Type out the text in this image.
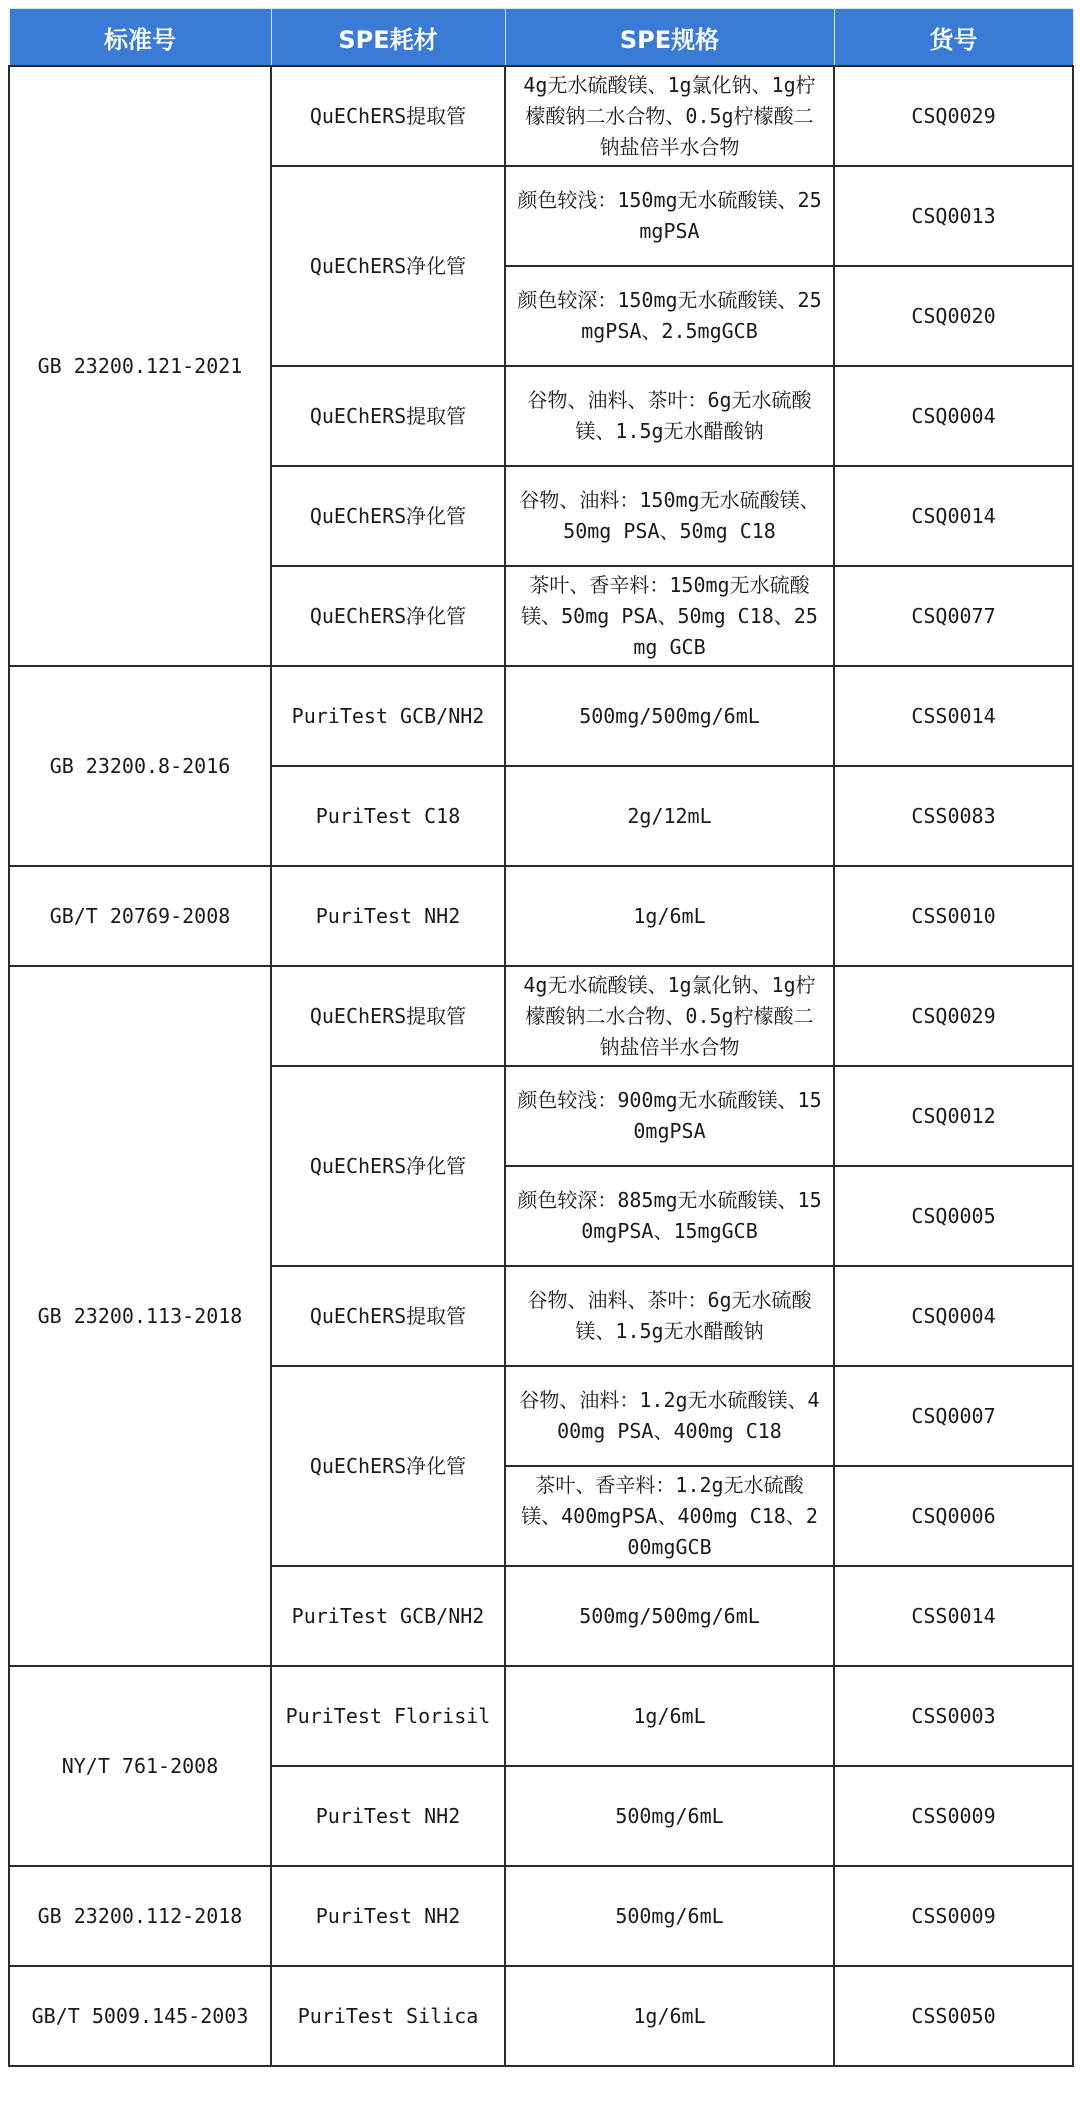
标准号	SPE耗材	SPE规格	货号
GB 23200.121-2021	QuEChERS提取管	4g无水硫酸镁、1g氯化钠、1g柠檬酸钠二水合物、0.5g柠檬酸二钠盐倍半水合物	CSQ0029
	QuEChERS净化管	颜色较浅：150mg无水硫酸镁、25mgPSA	CSQ0013
		颜色较深：150mg无水硫酸镁、25mgPSA、2.5mgGCB	CSQ0020
	QuEChERS提取管	谷物、油料、茶叶：6g无水硫酸镁、1.5g无水醋酸钠	CSQ0004
	QuEChERS净化管	谷物、油料：150mg无水硫酸镁、50mg PSA、50mg C18	CSQ0014
	QuEChERS净化管	茶叶、香辛料：150mg无水硫酸镁、50mg PSA、50mg C18、25mg GCB	CSQ0077
GB 23200.8-2016	PuriTest GCB/NH2	500mg/500mg/6mL	CSS0014
	PuriTest C18	2g/12mL	CSS0083
GB/T 20769-2008	PuriTest NH2	1g/6mL	CSS0010
GB 23200.113-2018	QuEChERS提取管	4g无水硫酸镁、1g氯化钠、1g柠檬酸钠二水合物、0.5g柠檬酸二钠盐倍半水合物	CSQ0029
	QuEChERS净化管	颜色较浅：900mg无水硫酸镁、150mgPSA	CSQ0012
		颜色较深：885mg无水硫酸镁、150mgPSA、15mgGCB	CSQ0005
	QuEChERS提取管	谷物、油料、茶叶：6g无水硫酸镁、1.5g无水醋酸钠	CSQ0004
	QuEChERS净化管	谷物、油料：1.2g无水硫酸镁、400mg PSA、400mg C18	CSQ0007
		茶叶、香辛料：1.2g无水硫酸镁、400mgPSA、400mg C18、200mgGCB	CSQ0006
	PuriTest GCB/NH2	500mg/500mg/6mL	CSS0014
NY/T 761-2008	PuriTest Florisil	1g/6mL	CSS0003
	PuriTest NH2	500mg/6mL	CSS0009
GB 23200.112-2018	PuriTest NH2	500mg/6mL	CSS0009
GB/T 5009.145-2003	PuriTest Silica	1g/6mL	CSS0050
